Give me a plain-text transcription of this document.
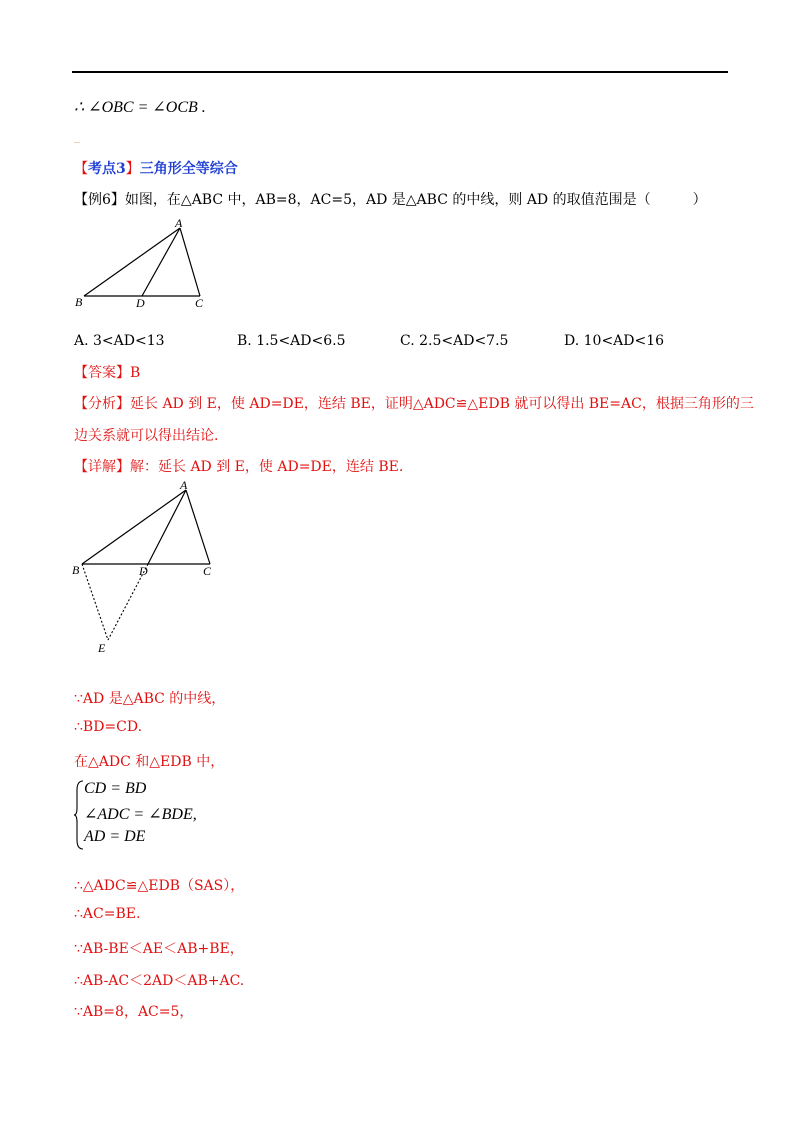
∴ ∠OBC = ∠OCB .
---
【考点3】三角形全等综合
【例6】如图，在△ABC 中，AB=8，AC=5，AD 是△ABC 的中线，则 AD 的取值范围是（　　　）
A
B	D	C
A. 3<AD<13	B. 1.5<AD<6.5	C. 2.5<AD<7.5	D. 10<AD<16
【答案】B
【分析】延长 AD 到 E，使 AD=DE，连结 BE，证明△ADC≌△EDB 就可以得出 BE=AC，根据三角形的三
边关系就可以得出结论.
【详解】解：延长 AD 到 E，使 AD=DE，连结 BE.
A
B	D	C
E
∵AD 是△ABC 的中线，
∴BD=CD.
在△ADC 和△EDB 中，
CD = BD
∠ADC = ∠BDE,
AD = DE
∴△ADC≌△EDB（SAS），
∴AC=BE.
∵AB-BE＜AE＜AB+BE，
∴AB-AC＜2AD＜AB+AC.
∵AB=8，AC=5，
